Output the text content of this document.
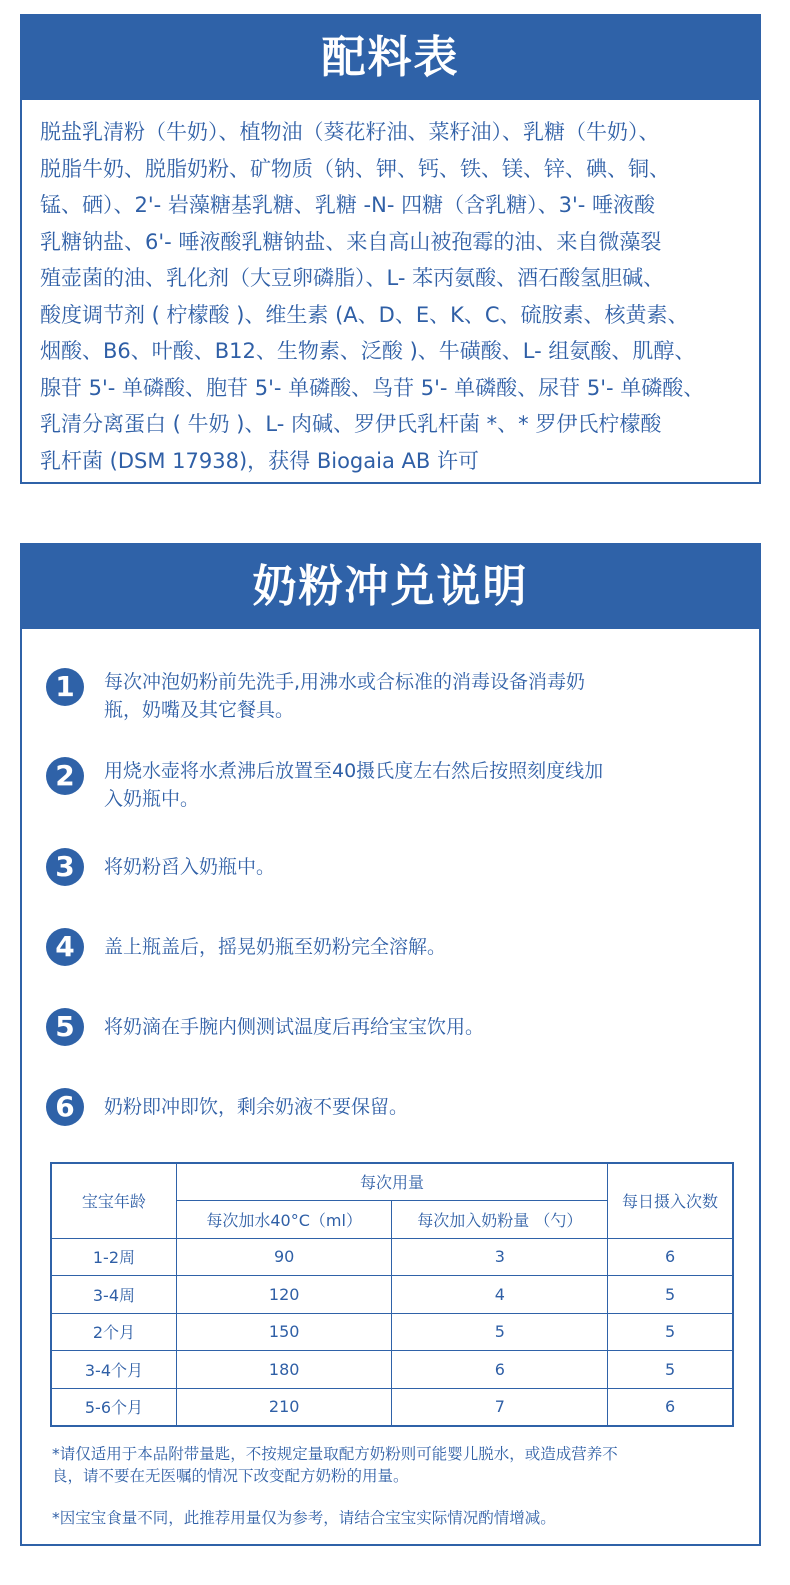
配料表
脱盐乳清粉（牛奶）、植物油（葵花籽油、菜籽油）、乳糖（牛奶）、
脱脂牛奶、脱脂奶粉、矿物质（钠、钾、钙、铁、镁、锌、碘、铜、
锰、硒）、2'- 岩藻糖基乳糖、乳糖 -N- 四糖（含乳糖）、3'- 唾液酸
乳糖钠盐、6'- 唾液酸乳糖钠盐、来自高山被孢霉的油、来自微藻裂
殖壶菌的油、乳化剂（大豆卵磷脂）、L- 苯丙氨酸、酒石酸氢胆碱、
酸度调节剂 ( 柠檬酸 )、维生素 (A、D、E、K、C、硫胺素、核黄素、
烟酸、B6、叶酸、B12、生物素、泛酸 )、牛磺酸、L- 组氨酸、肌醇、
腺苷 5'- 单磷酸、胞苷 5'- 单磷酸、鸟苷 5'- 单磷酸、尿苷 5'- 单磷酸、
乳清分离蛋白 ( 牛奶 )、L- 肉碱、罗伊氏乳杆菌 *、* 罗伊氏柠檬酸
乳杆菌 (DSM 17938)，获得 Biogaia AB 许可
奶粉冲兑说明
1	每次冲泡奶粉前先洗手,用沸水或合标准的消毒设备消毒奶
瓶，奶嘴及其它餐具。
2	用烧水壶将水煮沸后放置至40摄氏度左右然后按照刻度线加
入奶瓶中。
3	将奶粉舀入奶瓶中。
4	盖上瓶盖后，摇晃奶瓶至奶粉完全溶解。
5	将奶滴在手腕内侧测试温度后再给宝宝饮用。
6	奶粉即冲即饮，剩余奶液不要保留。
宝宝年龄	每次用量		每日摄入次数
	每次加水40°C（ml）	每次加入奶粉量 （勺）	
1-2周	90	3	6
3-4周	120	4	5
2个月	150	5	5
3-4个月	180	6	5
5-6个月	210	7	6
*请仅适用于本品附带量匙，不按规定量取配方奶粉则可能婴儿脱水，或造成营养不
良，请不要在无医嘱的情况下改变配方奶粉的用量。
*因宝宝食量不同，此推荐用量仅为参考，请结合宝宝实际情况酌情增减。
